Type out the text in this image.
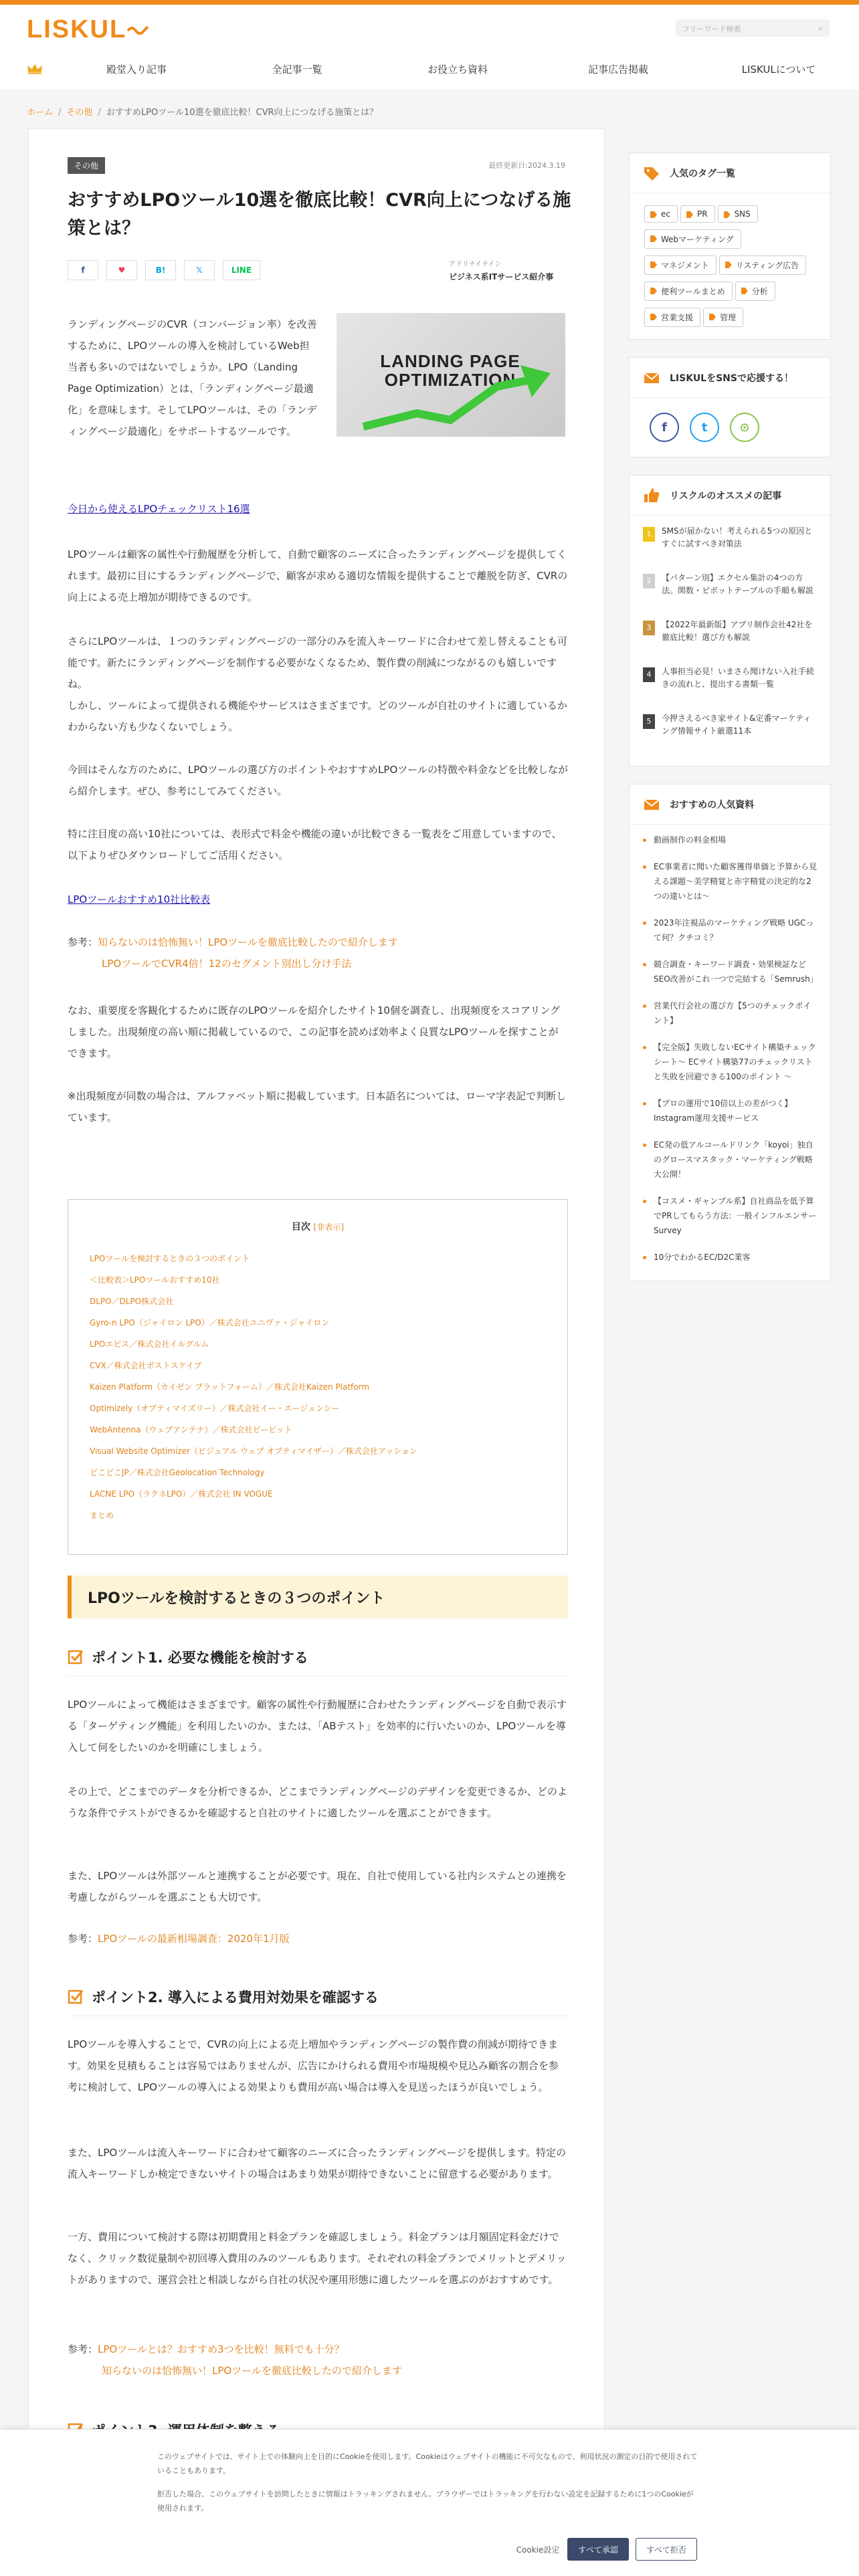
LISKUL	フリーワード検索	⌕
殿堂入り記事	全記事一覧	お役立ち資料	記事広告掲載	LISKULについて
ホーム / その他 / おすすめLPOツール10選を徹底比較！CVR向上につなげる施策とは？
その他	最終更新日:2024.3.19
おすすめLPOツール10選を徹底比較！CVR向上につなげる施策とは？
f	♥	B!	𝕏	LINE
アドリナイナイン
ビジネス系ITサービス紹介事
LANDING PAGE OPTIMIZATION

ランディングページのCVR（コンバージョン率）を改善するために、LPOツールの導入を検討しているWeb担当者も多いのではないでしょうか。LPO（Landing Page Optimization）とは、「ランディングページ最適化」を意味します。そしてLPOツールは、その「ランディングページ最適化」をサポートするツールです。

今日から使えるLPOチェックリスト16選

LPOツールは顧客の属性や行動履歴を分析して、自動で顧客のニーズに合ったランディングページを提供してくれます。最初に目にするランディングページで、顧客が求める適切な情報を提供することで離脱を防ぎ、CVRの向上による売上増加が期待できるのです。

さらにLPOツールは、１つのランディングページの一部分のみを流入キーワードに合わせて差し替えることも可能です。新たにランディングページを制作する必要がなくなるため、製作費の削減につながるのも嬉しいですね。

しかし、ツールによって提供される機能やサービスはさまざまです。どのツールが自社のサイトに適しているかわからない方も少なくないでしょう。

今回はそんな方のために、LPOツールの選び方のポイントやおすすめLPOツールの特徴や料金などを比較しながら紹介します。ぜひ、参考にしてみてください。

特に注目度の高い10社については、表形式で料金や機能の違いが比較できる一覧表をご用意していますので、以下よりぜひダウンロードしてご活用ください。

LPOツールおすすめ10社比較表
参考：知らないのは恰怖無い！LPOツールを徹底比較したので紹介します
LPOツールでCVR4倍！12のセグメント別出し分け手法

なお、重要度を客観化するために既存のLPOツールを紹介したサイト10個を調査し、出現頻度をスコアリングしました。出現頻度の高い順に掲載しているので、この記事を読めば効率よく良質なLPOツールを探すことができます。

※出現頻度が同数の場合は、アルファベット順に掲載しています。日本語名については、ローマ字表記で判断しています。

目次 [非表示]
LPOツールを検討するときの３つのポイント
＜比較表＞LPOツールおすすめ10社
DLPO／DLPO株式会社
Gyro-n LPO（ジャイロン LPO）／株式会社ユニヴァ・ジャイロン
LPOエビス／株式会社イルグルム
CVX／株式会社ポストスケイプ
Kaizen Platform（カイゼン プラットフォーム）／株式会社Kaizen Platform
Optimizely（オプティマイズリー）／株式会社イー・エージェンシー
WebAntenna（ウェブアンテナ）／株式会社ビービット
Visual Website Optimizer（ビジュアル ウェブ オプティマイザー）／株式会社アッション
どこどこJP／株式会社Geolocation Technology
LACNE LPO（ラクネLPO）／株式会社 IN VOGUE
まとめ
LPOツールを検討するときの３つのポイント
ポイント1. 必要な機能を検討する

LPOツールによって機能はさまざまです。顧客の属性や行動履歴に合わせたランディングページを自動で表示する「ターゲティング機能」を利用したいのか、または、「ABテスト」を効率的に行いたいのか、LPOツールを導入して何をしたいのかを明確にしましょう。

その上で、どこまでのデータを分析できるか、どこまでランディングページのデザインを変更できるか、どのような条件でテストができるかを確認すると自社のサイトに適したツールを選ぶことができます。

また、LPOツールは外部ツールと連携することが必要です。現在、自社で使用している社内システムとの連携を考慮しながらツールを選ぶことも大切です。

参考：LPOツールの最新相場調査：2020年1月版
ポイント2. 導入による費用対効果を確認する

LPOツールを導入することで、CVRの向上による売上増加やランディングページの製作費の削減が期待できます。効果を見積もることは容易ではありませんが、広告にかけられる費用や市場規模や見込み顧客の割合を参考に検討して、LPOツールの導入による効果よりも費用が高い場合は導入を見送ったほうが良いでしょう。

また、LPOツールは流入キーワードに合わせて顧客のニーズに合ったランディングページを提供します。特定の流入キーワードしか検定できないサイトの場合はあまり効果が期待できないことに留意する必要があります。

一方、費用について検討する際は初期費用と料金プランを確認しましょう。料金プランは月額固定料金だけでなく、クリック数従量制や初回導入費用のみのツールもあります。それぞれの料金プランでメリットとデメリットがありますので、運営会社と相談しながら自社の状況や運用形態に適したツールを選ぶのがおすすめです。

参考：LPOツールとは？おすすめ3つを比較！無料でも十分？
知らないのは恰怖無い！LPOツールを徹底比較したので紹介します
人気のタグ一覧
ec	PR	SNSWebマーケティングマネジメント	リスティング広告便利ツールまとめ	分析営業支援	管理
LISKULをSNSで応援する！
f	t	⊙
リスクルのオススメの記事
1	SMSが届かない！考えられる5つの原因とすぐに試すべき対策法
2	【パターン別】エクセル集計の4つの方法。関数・ピボットテーブルの手順も解説
3	【2022年最新版】アプリ制作会社42社を徹底比較！選び方も解説
4	人事担当必見！いまさら聞けない入社手続きの流れと、提出する書類一覧
5	今押さえるべき家サイト&定番マーケティング情報サイト厳選11本
おすすめの人気資料
動画制作の料金相場
EC事業者に聞いた顧客獲得単価と予算から見える課題〜美学精覚と赤字精覚の決定的な2つの違いとは〜
2023年注視品のマーケティング戦略 UGCって何？クチコミ？
競合調査・キーワード調査・効果検証などSEO改善がこれ一つで完結する「Semrush」
営業代行会社の選び方【5つのチェックポイント】
【完全版】失敗しないECサイト構築チェックシート〜 ECサイト構築77のチェックリストと失敗を回避できる100のポイント 〜
【プロの運用で10倍以上の差がつく】Instagram運用支援サービス
EC発の低アルコールドリンク「koyoi」独自のグロースマスタック・マーケティング戦略大公開！
【コスメ・ギャンブル系】自社商品を低予算でPRしてもらう方法：一般インフルエンサーSurvey
10分でわかるEC/D2C業客

このウェブサイトでは、サイト上での体験向上を目的にCookieを使用します。Cookieはウェブサイトの機能に不可欠なもので、利用状況の測定の目的で使用されていることもあります。

拒否した場合、このウェブサイトを訪問したときに情報はトラッキングされません。ブラウザーではトラッキングを行わない設定を記録するために1つのCookieが使用されます。

Cookie設定	すべて承認	すべて拒否
